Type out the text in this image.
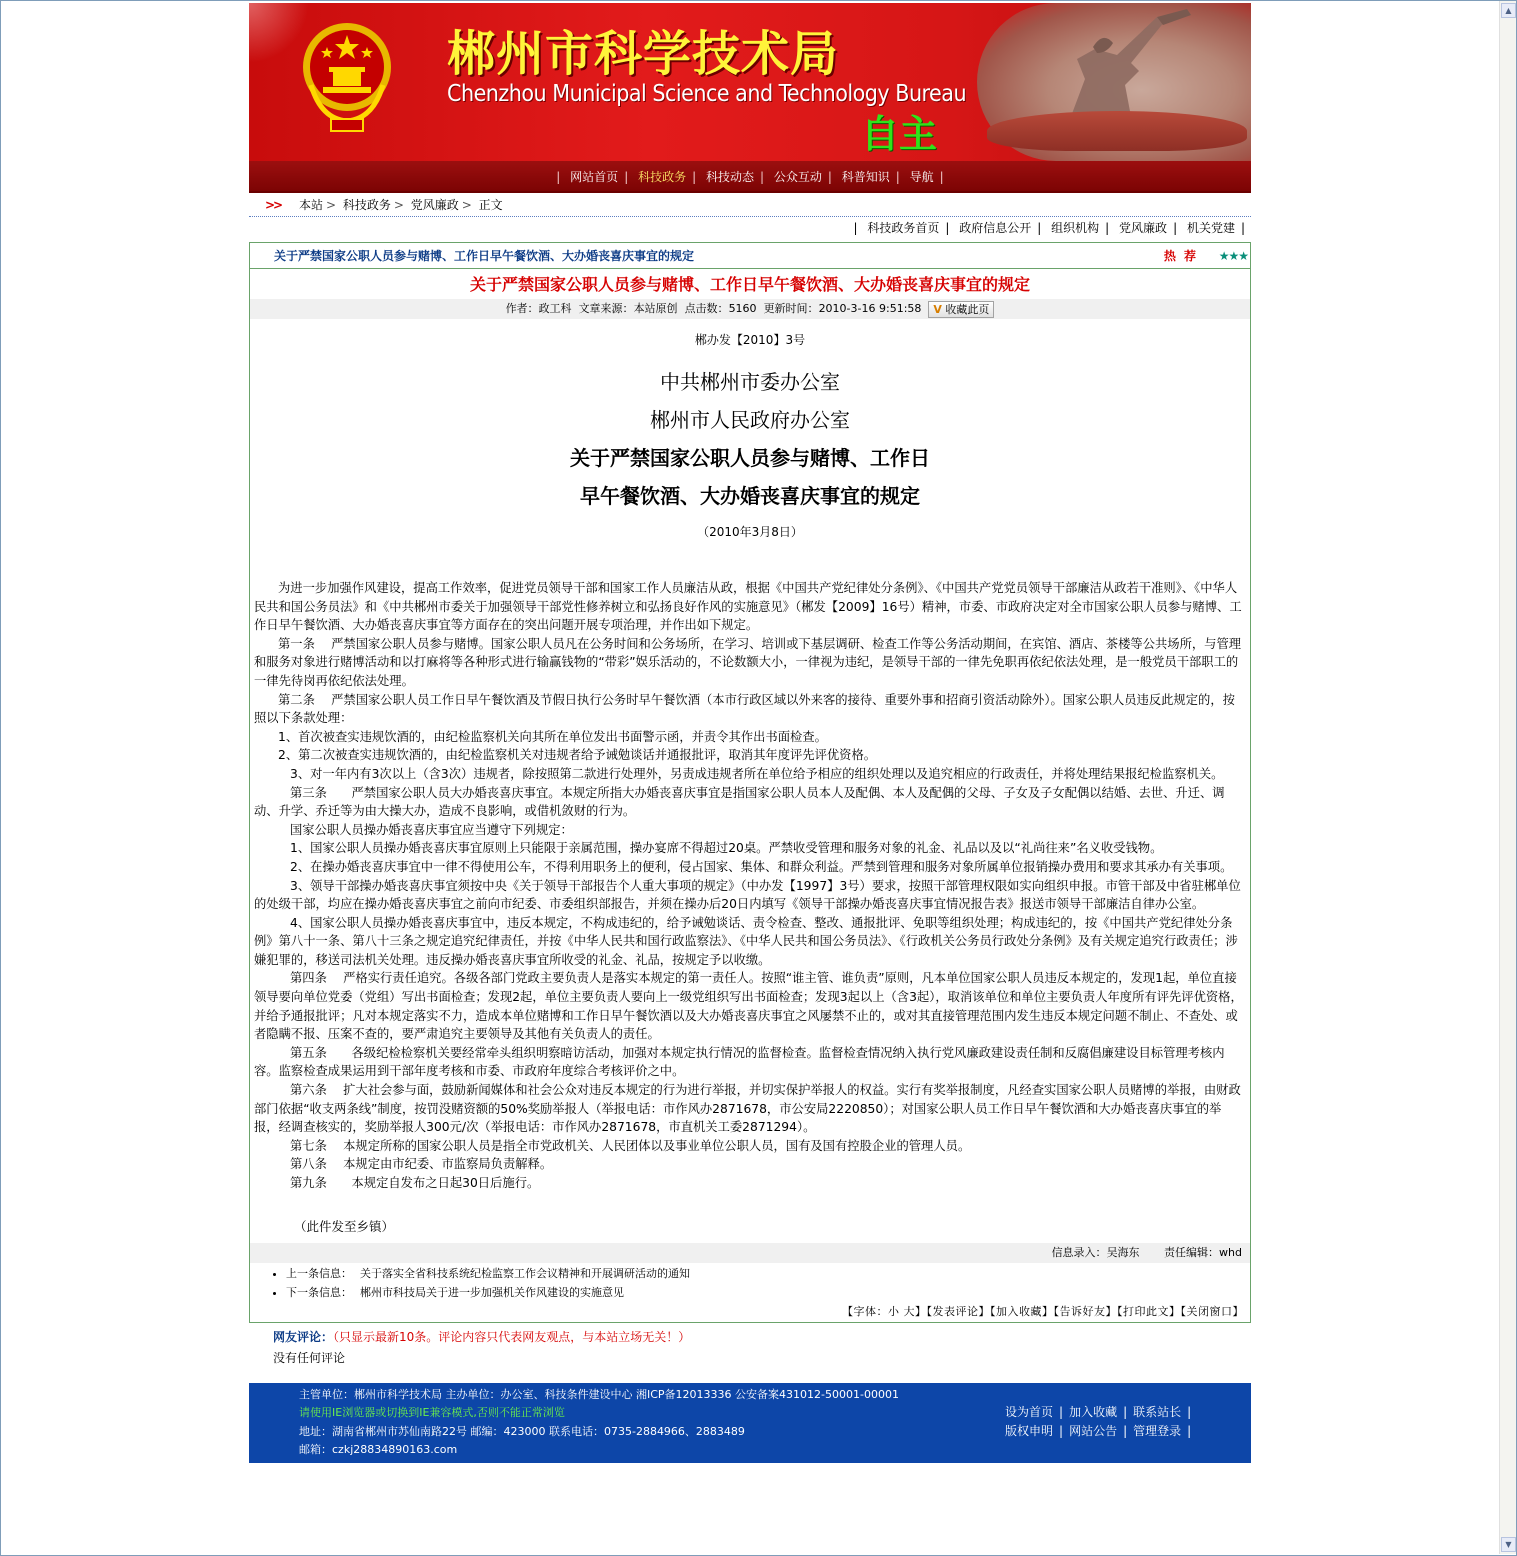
▲
▼
郴州市科学技术局
Chenzhou Municipal Science and Technology Bureau
自主
| 网站首页 | 科技政务 | 科技动态 | 公众互动 | 科普知识 | 导航 |
>> 本站 > 科技政务 > 党风廉政 > 正文
| 科技政务首页 | 政府信息公开 | 组织机构 | 党风廉政 | 机关党建 |
关于严禁国家公职人员参与赌博、工作日早午餐饮酒、大办婚丧喜庆事宜的规定	热 荐 ★★★
关于严禁国家公职人员参与赌博、工作日早午餐饮酒、大办婚丧喜庆事宜的规定
作者：政工科 文章来源：本站原创 点击数：5160 更新时间：2010-3-16 9:51:58 V 收藏此页
郴办发【2010】3号
中共郴州市委办公室
郴州市人民政府办公室
关于严禁国家公职人员参与赌博、工作日
早午餐饮酒、大办婚丧喜庆事宜的规定
（2010年3月8日）

为进一步加强作风建设，提高工作效率，促进党员领导干部和国家工作人员廉洁从政，根据《中国共产党纪律处分条例》、《中国共产党党员领导干部廉洁从政若干准则》、《中华人民共和国公务员法》和《中共郴州市委关于加强领导干部党性修养树立和弘扬良好作风的实施意见》（郴发【2009】16号）精神，市委、市政府决定对全市国家公职人员参与赌博、工作日早午餐饮酒、大办婚丧喜庆事宜等方面存在的突出问题开展专项治理，并作出如下规定。

第一条　 严禁国家公职人员参与赌博。国家公职人员凡在公务时间和公务场所，在学习、培训或下基层调研、检查工作等公务活动期间，在宾馆、酒店、茶楼等公共场所，与管理和服务对象进行赌博活动和以打麻将等各种形式进行输赢钱物的“带彩”娱乐活动的，不论数额大小，一律视为违纪，是领导干部的一律先免职再依纪依法处理，是一般党员干部职工的一律先待岗再依纪依法处理。

第二条　 严禁国家公职人员工作日早午餐饮酒及节假日执行公务时早午餐饮酒（本市行政区域以外来客的接待、重要外事和招商引资活动除外）。国家公职人员违反此规定的，按照以下条款处理：

1、首次被查实违规饮酒的，由纪检监察机关向其所在单位发出书面警示函，并责令其作出书面检查。

2、第二次被查实违规饮酒的，由纪检监察机关对违规者给予诫勉谈话并通报批评，取消其年度评先评优资格。

3、对一年内有3次以上（含3次）违规者，除按照第二款进行处理外，另责成违规者所在单位给予相应的组织处理以及追究相应的行政责任，并将处理结果报纪检监察机关。

第三条　　严禁国家公职人员大办婚丧喜庆事宜。本规定所指大办婚丧喜庆事宜是指国家公职人员本人及配偶、本人及配偶的父母、子女及子女配偶以结婚、去世、升迁、调动、升学、乔迁等为由大操大办，造成不良影响，或借机敛财的行为。

国家公职人员操办婚丧喜庆事宜应当遵守下列规定：

1、国家公职人员操办婚丧喜庆事宜原则上只能限于亲属范围，操办宴席不得超过20桌。严禁收受管理和服务对象的礼金、礼品以及以“礼尚往来”名义收受钱物。

2、在操办婚丧喜庆事宜中一律不得使用公车，不得利用职务上的便利，侵占国家、集体、和群众利益。严禁到管理和服务对象所属单位报销操办费用和要求其承办有关事项。

3、领导干部操办婚丧喜庆事宜须按中央《关于领导干部报告个人重大事项的规定》（中办发【1997】3号）要求，按照干部管理权限如实向组织申报。市管干部及中省驻郴单位的处级干部，均应在操办婚丧喜庆事宜之前向市纪委、市委组织部报告，并须在操办后20日内填写《领导干部操办婚丧喜庆事宜情况报告表》报送市领导干部廉洁自律办公室。

4、国家公职人员操办婚丧喜庆事宜中，违反本规定，不构成违纪的，给予诫勉谈话、责令检查、整改、通报批评、免职等组织处理；构成违纪的，按《中国共产党纪律处分条例》第八十一条、第八十三条之规定追究纪律责任，并按《中华人民共和国行政监察法》、《中华人民共和国公务员法》、《行政机关公务员行政处分条例》及有关规定追究行政责任；涉嫌犯罪的，移送司法机关处理。违反操办婚丧喜庆事宜所收受的礼金、礼品，按规定予以收缴。

第四条　 严格实行责任追究。各级各部门党政主要负责人是落实本规定的第一责任人。按照“谁主管、谁负责”原则，凡本单位国家公职人员违反本规定的，发现1起，单位直接领导要向单位党委（党组）写出书面检查；发现2起，单位主要负责人要向上一级党组织写出书面检查；发现3起以上（含3起），取消该单位和单位主要负责人年度所有评先评优资格，并给予通报批评；凡对本规定落实不力，造成本单位赌博和工作日早午餐饮酒以及大办婚丧喜庆事宜之风屡禁不止的，或对其直接管理范围内发生违反本规定问题不制止、不查处、或者隐瞒不报、压案不查的，要严肃追究主要领导及其他有关负责人的责任。

第五条　　各级纪检检察机关要经常牵头组织明察暗访活动，加强对本规定执行情况的监督检查。监督检查情况纳入执行党风廉政建设责任制和反腐倡廉建设目标管理考核内容。监察检查成果运用到干部年度考核和市委、市政府年度综合考核评价之中。

第六条　 扩大社会参与面，鼓励新闻媒体和社会公众对违反本规定的行为进行举报，并切实保护举报人的权益。实行有奖举报制度，凡经查实国家公职人员赌博的举报，由财政部门依据“收支两条线”制度，按罚没赌资额的50%奖励举报人（举报电话：市作风办2871678，市公安局2220850）；对国家公职人员工作日早午餐饮酒和大办婚丧喜庆事宜的举报，经调查核实的，奖励举报人300元/次（举报电话：市作风办2871678，市直机关工委2871294）。

第七条　 本规定所称的国家公职人员是指全市党政机关、人民团体以及事业单位公职人员，国有及国有控股企业的管理人员。

第八条　 本规定由市纪委、市监察局负责解释。

第九条　　本规定自发布之日起30日后施行。

（此件发至乡镇）
信息录入：吴海东 责任编辑：whd
• 上一条信息： 关于落实全省科技系统纪检监察工作会议精神和开展调研活动的通知
• 下一条信息： 郴州市科技局关于进一步加强机关作风建设的实施意见
【字体：小 大】【发表评论】【加入收藏】【告诉好友】【打印此文】【关闭窗口】
网友评论：（只显示最新10条。评论内容只代表网友观点，与本站立场无关！）
没有任何评论
主管单位：郴州市科学技术局 主办单位：办公室、科技条件建设中心 湘ICP备12013336 公安备案431012-50001-00001
请使用IE浏览器或切换到IE兼容模式,否则不能正常浏览
地址：湖南省郴州市苏仙南路22号 邮编：423000 联系电话：0735-2884966、2883489
邮箱：czkj28834890163.com
设为首页 | 加入收藏 | 联系站长 |
版权申明 | 网站公告 | 管理登录 |
